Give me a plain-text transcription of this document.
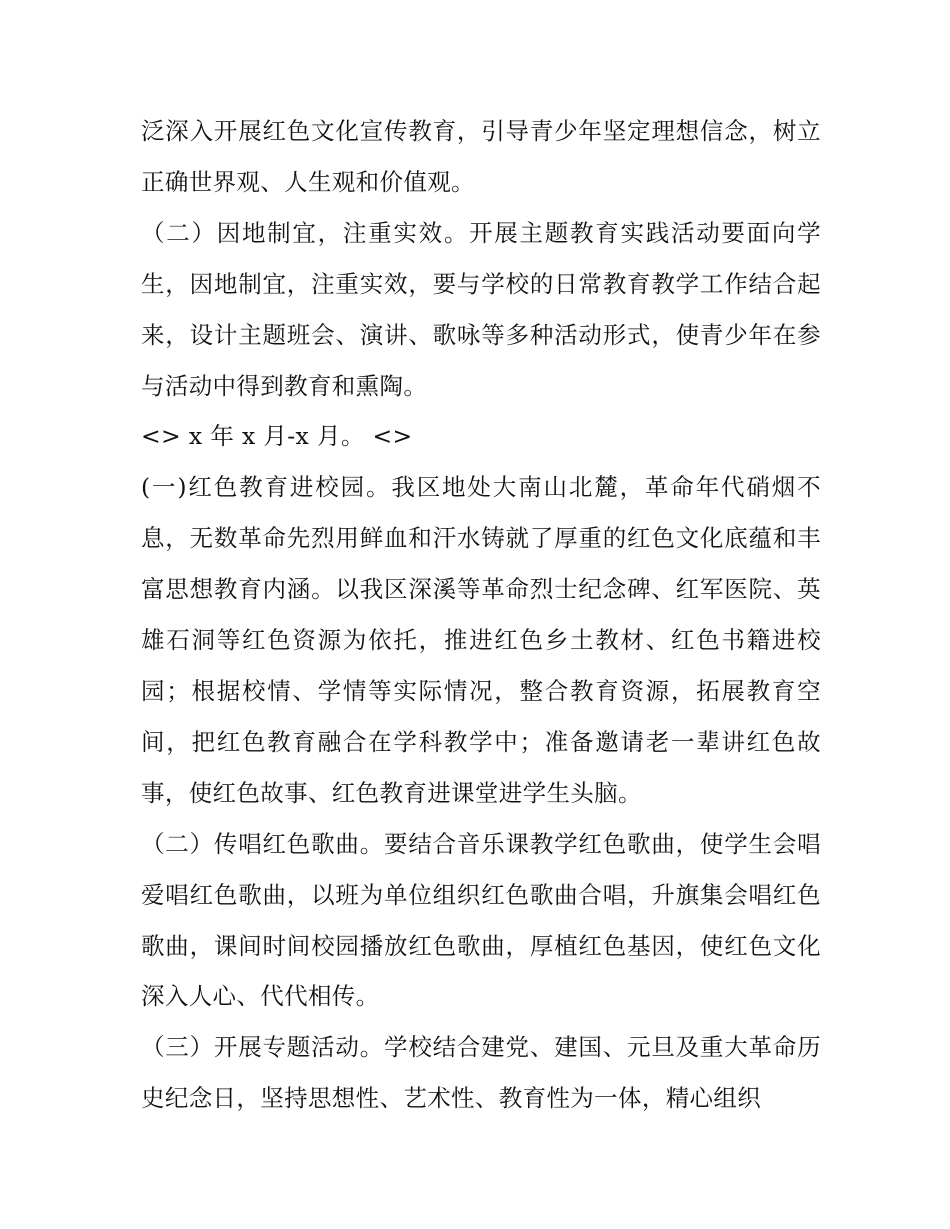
泛深入开展红色文化宣传教育，引导青少年坚定理想信念，树立正确世界观、人生观和价值观。

（二）因地制宜，注重实效。开展主题教育实践活动要面向学生，因地制宜，注重实效，要与学校的日常教育教学工作结合起来，设计主题班会、演讲、歌咏等多种活动形式，使青少年在参与活动中得到教育和熏陶。

<> x 年 x 月-x 月。 <>

(一)红色教育进校园。我区地处大南山北麓，革命年代硝烟不息，无数革命先烈用鲜血和汗水铸就了厚重的红色文化底蕴和丰富思想教育内涵。以我区深溪等革命烈士纪念碑、红军医院、英雄石洞等红色资源为依托，推进红色乡土教材、红色书籍进校园；根据校情、学情等实际情况，整合教育资源，拓展教育空间，把红色教育融合在学科教学中；准备邀请老一辈讲红色故事，使红色故事、红色教育进课堂进学生头脑。

（二）传唱红色歌曲。要结合音乐课教学红色歌曲，使学生会唱爱唱红色歌曲，以班为单位组织红色歌曲合唱，升旗集会唱红色歌曲，课间时间校园播放红色歌曲，厚植红色基因，使红色文化深入人心、代代相传。

（三）开展专题活动。学校结合建党、建国、元旦及重大革命历史纪念日，坚持思想性、艺术性、教育性为一体，精心组织
